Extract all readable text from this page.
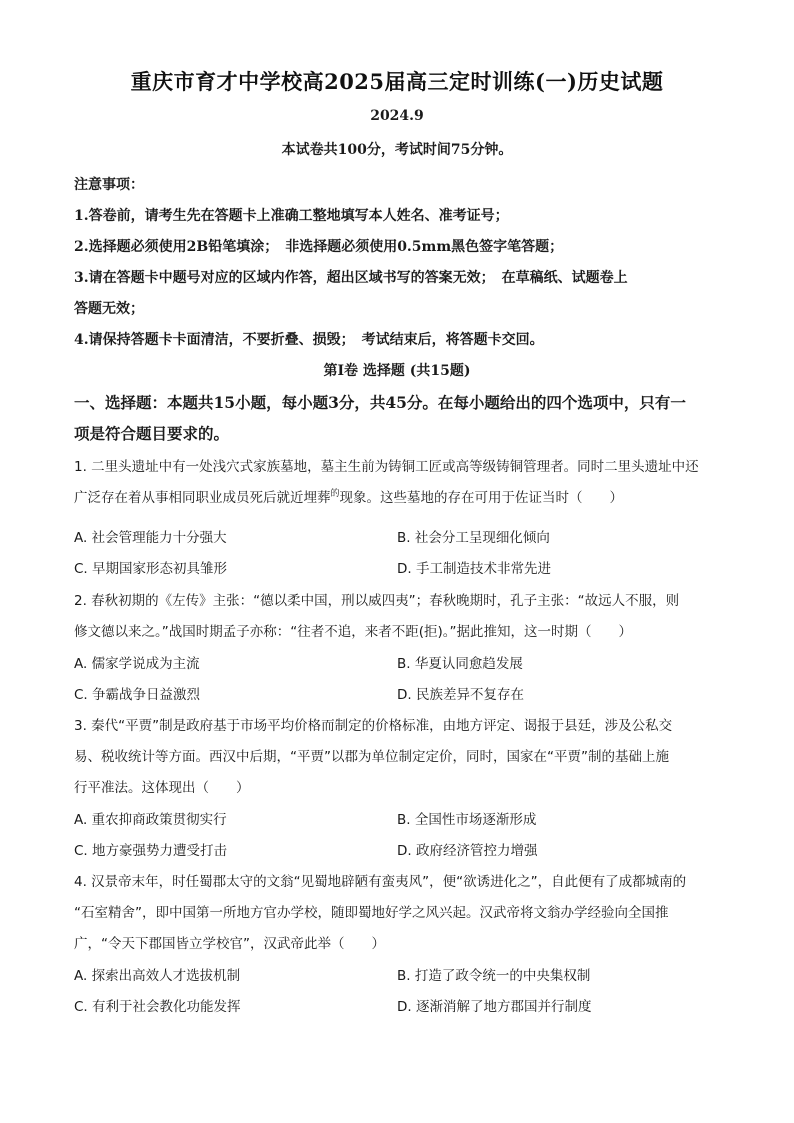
重庆市育才中学校高2025届高三定时训练(一)历史试题
2024.9
本试卷共100分，考试时间75分钟。
注意事项：
1.答卷前，请考生先在答题卡上准确工整地填写本人姓名、准考证号；
2.选择题必须使用2B铅笔填涂；　非选择题必须使用0.5mm黑色签字笔答题；
3.请在答题卡中题号对应的区域内作答，超出区域书写的答案无效；　在草稿纸、试题卷上
答题无效；
4.请保持答题卡卡面清洁，不要折叠、损毁；　考试结束后，将答题卡交回。
第Ⅰ卷 选择题 (共15题)
一、选择题：本题共15小题，每小题3分，共45分。在每小题给出的四个选项中，只有一
项是符合题目要求的。
1. 二里头遗址中有一处浅穴式家族墓地，墓主生前为铸铜工匠或高等级铸铜管理者。同时二里头遗址中还
广泛存在着从事相同职业成员死后就近埋葬$^的$现象。这些墓地的存在可用于佐证当时（　　）
A. 社会管理能力十分强大	B. 社会分工呈现细化倾向
C. 早期国家形态初具雏形	D. 手工制造技术非常先进
2. 春秋初期的《左传》主张：“德以柔中国，刑以威四夷”；春秋晚期时，孔子主张：“故远人不服，则
修文德以来之。”战国时期孟子亦称：“往者不追，来者不距(拒)。”据此推知，这一时期（　　）
A. 儒家学说成为主流	B. 华夏认同愈趋发展
C. 争霸战争日益激烈	D. 民族差异不复存在
3. 秦代“平贾”制是政府基于市场平均价格而制定的价格标准，由地方评定、谒报于县廷，涉及公私交
易、税收统计等方面。西汉中后期，“平贾”以郡为单位制定定价，同时，国家在“平贾”制的基础上施
行平准法。这体现出（　　）
A. 重农抑商政策贯彻实行	B. 全国性市场逐渐形成
C. 地方豪强势力遭受打击	D. 政府经济管控力增强
4. 汉景帝末年，时任蜀郡太守的文翁“见蜀地辟陋有蛮夷风”，便“欲诱进化之”，自此便有了成都城南的
“石室精舍”，即中国第一所地方官办学校，随即蜀地好学之风兴起。汉武帝将文翁办学经验向全国推
广，“令天下郡国皆立学校官”，汉武帝此举（　　）
A. 探索出高效人才选拔机制	B. 打造了政令统一的中央集权制
C. 有利于社会教化功能发挥	D. 逐渐消解了地方郡国并行制度
